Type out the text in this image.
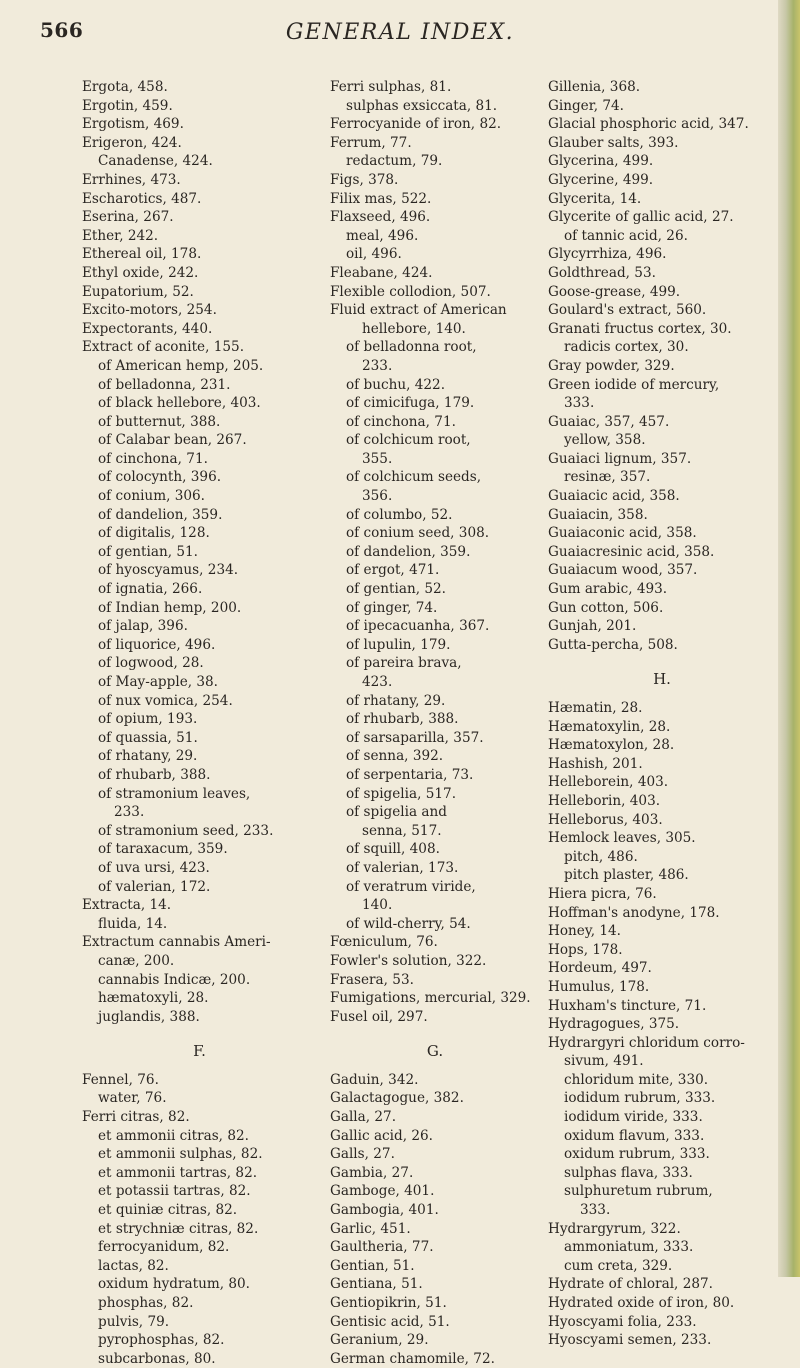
566	GENERAL INDEX.
Ergota, 458.
Ergotin, 459.
Ergotism, 469.
Erigeron, 424.
Canadense, 424.
Errhines, 473.
Escharotics, 487.
Eserina, 267.
Ether, 242.
Ethereal oil, 178.
Ethyl oxide, 242.
Eupatorium, 52.
Excito-motors, 254.
Expectorants, 440.
Extract of aconite, 155.
of American hemp, 205.
of belladonna, 231.
of black hellebore, 403.
of butternut, 388.
of Calabar bean, 267.
of cinchona, 71.
of colocynth, 396.
of conium, 306.
of dandelion, 359.
of digitalis, 128.
of gentian, 51.
of hyoscyamus, 234.
of ignatia, 266.
of Indian hemp, 200.
of jalap, 396.
of liquorice, 496.
of logwood, 28.
of May-apple, 38.
of nux vomica, 254.
of opium, 193.
of quassia, 51.
of rhatany, 29.
of rhubarb, 388.
of stramonium leaves,
233.
of stramonium seed, 233.
of taraxacum, 359.
of uva ursi, 423.
of valerian, 172.
Extracta, 14.
fluida, 14.
Extractum cannabis Ameri-
canæ, 200.
cannabis Indicæ, 200.
hæmatoxyli, 28.
juglandis, 388.
F.
Fennel, 76.
water, 76.
Ferri citras, 82.
et ammonii citras, 82.
et ammonii sulphas, 82.
et ammonii tartras, 82.
et potassii tartras, 82.
et quiniæ citras, 82.
et strychniæ citras, 82.
ferrocyanidum, 82.
lactas, 82.
oxidum hydratum, 80.
phosphas, 82.
pulvis, 79.
pyrophosphas, 82.
subcarbonas, 80.
Ferri sulphas, 81.
sulphas exsiccata, 81.
Ferrocyanide of iron, 82.
Ferrum, 77.
redactum, 79.
Figs, 378.
Filix mas, 522.
Flaxseed, 496.
meal, 496.
oil, 496.
Fleabane, 424.
Flexible collodion, 507.
Fluid extract of American
hellebore, 140.
of belladonna root,
233.
of buchu, 422.
of cimicifuga, 179.
of cinchona, 71.
of colchicum root,
355.
of colchicum seeds,
356.
of columbo, 52.
of conium seed, 308.
of dandelion, 359.
of ergot, 471.
of gentian, 52.
of ginger, 74.
of ipecacuanha, 367.
of lupulin, 179.
of pareira brava,
423.
of rhatany, 29.
of rhubarb, 388.
of sarsaparilla, 357.
of senna, 392.
of serpentaria, 73.
of spigelia, 517.
of spigelia and
senna, 517.
of squill, 408.
of valerian, 173.
of veratrum viride,
140.
of wild-cherry, 54.
Fœniculum, 76.
Fowler's solution, 322.
Frasera, 53.
Fumigations, mercurial, 329.
Fusel oil, 297.
G.
Gaduin, 342.
Galactagogue, 382.
Galla, 27.
Gallic acid, 26.
Galls, 27.
Gambia, 27.
Gamboge, 401.
Gambogia, 401.
Garlic, 451.
Gaultheria, 77.
Gentian, 51.
Gentiana, 51.
Gentiopikrin, 51.
Gentisic acid, 51.
Geranium, 29.
German chamomile, 72.
Gillenia, 368.
Ginger, 74.
Glacial phosphoric acid, 347.
Glauber salts, 393.
Glycerina, 499.
Glycerine, 499.
Glycerita, 14.
Glycerite of gallic acid, 27.
of tannic acid, 26.
Glycyrrhiza, 496.
Goldthread, 53.
Goose-grease, 499.
Goulard's extract, 560.
Granati fructus cortex, 30.
radicis cortex, 30.
Gray powder, 329.
Green iodide of mercury,
333.
Guaiac, 357, 457.
yellow, 358.
Guaiaci lignum, 357.
resinæ, 357.
Guaiacic acid, 358.
Guaiacin, 358.
Guaiaconic acid, 358.
Guaiacresinic acid, 358.
Guaiacum wood, 357.
Gum arabic, 493.
Gun cotton, 506.
Gunjah, 201.
Gutta-percha, 508.
H.
Hæmatin, 28.
Hæmatoxylin, 28.
Hæmatoxylon, 28.
Hashish, 201.
Helleborein, 403.
Helleborin, 403.
Helleborus, 403.
Hemlock leaves, 305.
pitch, 486.
pitch plaster, 486.
Hiera picra, 76.
Hoffman's anodyne, 178.
Honey, 14.
Hops, 178.
Hordeum, 497.
Humulus, 178.
Huxham's tincture, 71.
Hydragogues, 375.
Hydrargyri chloridum corro-
sivum, 491.
chloridum mite, 330.
iodidum rubrum, 333.
iodidum viride, 333.
oxidum flavum, 333.
oxidum rubrum, 333.
sulphas flava, 333.
sulphuretum rubrum,
333.
Hydrargyrum, 322.
ammoniatum, 333.
cum creta, 329.
Hydrate of chloral, 287.
Hydrated oxide of iron, 80.
Hyoscyami folia, 233.
Hyoscyami semen, 233.
